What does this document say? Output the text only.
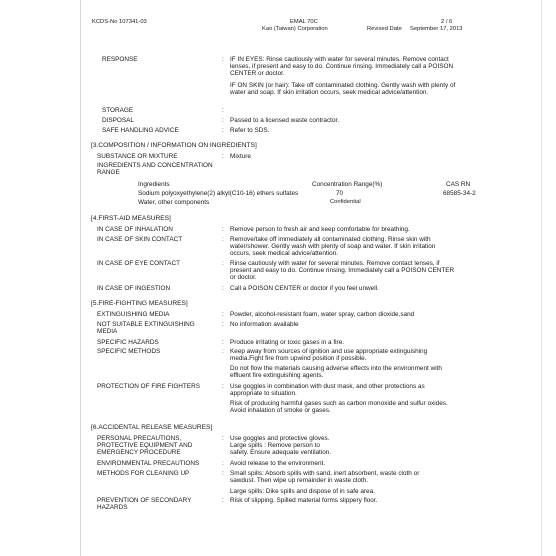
KCDS-No 107341-03	EMAL 70C
Kao (Taiwan) Corporation
2 / 6
Revised Date September 17, 2013
RESPONSE	: IF IN EYES: Rinse cautiously with water for several minutes. Remove contact lenses, if present and easy to do. Continue rinsing. Immediately call a POISON CENTER or doctor.
IF ON SKIN (or hair): Take off contaminated clothing. Gently wash with plenty of water and soap. If skin irritation occurs, seek medical advice/attention.
STORAGE	:
DISPOSAL	: Passed to a licensed waste contractor.
SAFE HANDLING ADVICE	: Refer to SDS.
[3.COMPOSITION / INFORMATION ON INGREDIENTS]
SUBSTANCE OR MIXTURE	: Mixture
INGREDIENTS AND CONCENTRATION RANGE
Ingredients	Concentration Range(%)	CAS RN
Sodium polyoxyethylene(2) alkyl(C10-16) ethers sulfates	70	68585-34-2
Water, other components	Confidential
[4.FIRST-AID MEASURES]
IN CASE OF INHALATION	: Remove person to fresh air and keep comfortable for breathing.
IN CASE OF SKIN CONTACT	: Remove/take off immediately all contaminated clothing. Rinse skin with water/shower. Gently wash with plenty of soap and water. If skin irritation occurs, seek medical advice/attention.
IN CASE OF EYE CONTACT	: Rinse cautiously with water for several minutes. Remove contact lenses, if present and easy to do. Continue rinsing. Immediately call a POISON CENTER or doctor.
IN CASE OF INGESTION	: Call a POISON CENTER or doctor if you feel unwell.
[5.FIRE-FIGHTING MEASURES]
EXTINGUISHING MEDIA	: Powder, alcohol-resistant foam, water spray, carbon dioxide,sand
NOT SUITABLE EXTINGUISHING MEDIA
: No information available
SPECIFIC HAZARDS	: Produce irritating or toxic gases in a fire.
SPECIFIC METHODS	: Keep away from sources of ignition and use appropriate extinguishing media.Fight fire from upwind position if possible.
Do not flow the materials causing adverse effects into the environment with effluent fire extinguishing agents.
PROTECTION OF FIRE FIGHTERS	: Use goggles in combination with dust mask, and other protections as appropriate to situation.
Risk of producing harmful gases such as carbon monoxide and sulfur oxides. Avoid inhalation of smoke or gases.
[6.ACCIDENTAL RELEASE MEASURES]
PERSONAL PRECAUTIONS, PROTECTIVE EQUIPMENT AND EMERGENCY PROCEDURE
: Use goggles and protective gloves. Large spills : Remove person to safety. Ensure adequate ventilation.
ENVIRONMENTAL PRECAUTIONS	: Avoid release to the environment.
METHODS FOR CLEANING UP	: Small spills: Absorb spills with sand, inert absorbent, waste cloth or sawdust. Then wipe up remainder in waste cloth.
Large spills: Dike spills and dispose of in safe area.
PREVENTION OF SECONDARY HAZARDS
: Risk of slipping. Spilled material forms slippery floor.
